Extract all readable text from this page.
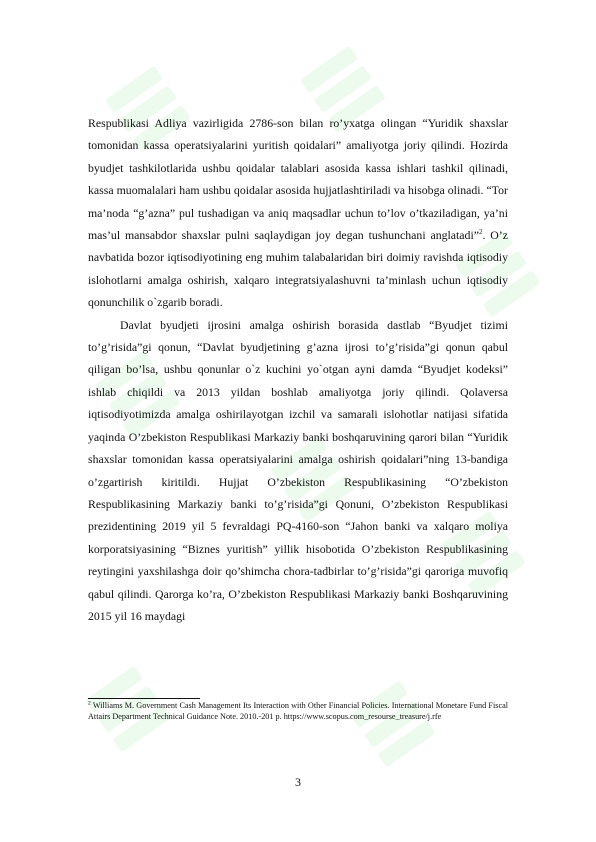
Respublikasi Adliya vazirligida 2786-son bilan ro’yxatga olingan “Yuridik shaxslar tomonidan kassa operatsiyalarini yuritish qoidalari” amaliyotga joriy qilindi. Hozirda byudjet tashkilotlarida ushbu qoidalar talablari asosida kassa ishlari tashkil qilinadi, kassa muomalalari ham ushbu qoidalar asosida hujjatlashtiriladi va hisobga olinadi. “Tor ma’noda “g’azna” pul tushadigan va aniq maqsadlar uchun to’lov o’tkaziladigan, ya’ni mas’ul mansabdor shaxslar pulni saqlaydigan joy degan tushunchani anglatadi”$^2$. O’z navbatida bozor iqtisodiyotining eng muhim talabalaridan biri doimiy ravishda iqtisodiy islohotlarni amalga oshirish, xalqaro integratsiyalashuvni ta’minlash uchun iqtisodiy qonunchilik o`zgarib boradi.

Davlat byudjeti ijrosini amalga oshirish borasida dastlab “Byudjet tizimi to’g’risida”gi qonun, “Davlat byudjetining g’azna ijrosi to’g’risida”gi qonun qabul qiligan bo’lsa, ushbu qonunlar o`z kuchini yo`otgan ayni damda “Byudjet kodeksi” ishlab chiqildi va 2013 yildan boshlab amaliyotga joriy qilindi. Qolaversa iqtisodiyotimizda amalga oshirilayotgan izchil va samarali islohotlar natijasi sifatida yaqinda O’zbekiston Respublikasi Markaziy banki boshqaruvining qarori bilan “Yuridik shaxslar tomonidan kassa operatsiyalarini amalga oshirish qoidalari”ning 13-bandiga o’zgartirish kiritildi. Hujjat O’zbekiston Respublikasining “O’zbekiston Respublikasining Markaziy banki to’g’risida”gi Qonuni, O’zbekiston Respublikasi prezidentining 2019 yil 5 fevraldagi PQ-4160-son “Jahon banki va xalqaro moliya korporatsiyasining “Biznes yuritish” yillik hisobotida O’zbekiston Respublikasining reytingini yaxshilashga doir qo’shimcha chora-tadbirlar to’g’risida”gi qaroriga muvofiq qabul qilindi. Qarorga ko’ra, O’zbekiston Respublikasi Markaziy banki Boshqaruvining 2015 yil 16 maydagi

$^2$ Williams M. Government Cash Management Its Interaction with Other Financial Policies. International Monetare Fund Fiscal Attairs Department Technical Guidance Note. 2010.-201 p. https://www.scopus.com_resourse_treasure/j.rfe

3
